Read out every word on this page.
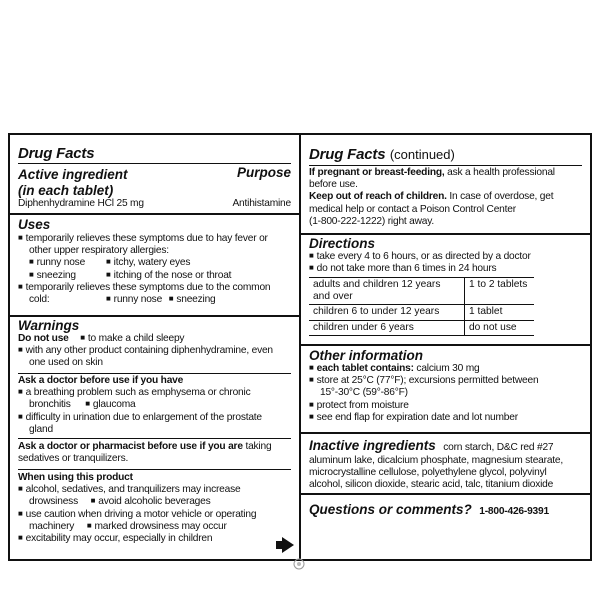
Drug Facts
Active ingredient	Purpose
(in each tablet)
Diphenhydramine HCl 25 mg	Antihistamine
Uses
■ temporarily relieves these symptoms due to hay fever or
other upper respiratory allergies:
■ runny nose ■	itchy, watery eyes
■ sneezing ■	itching of the nose or throat
■ temporarily relieves these symptoms due to the common
cold: ■	runny nose ■ sneezing
Warnings
Do not use ■ to make a child sleepy
■ with any other product containing diphenhydramine, even
one used on skin
Ask a doctor before use if you have
■ a breathing problem such as emphysema or chronic
bronchitis ■ glaucoma
■ difficulty in urination due to enlargement of the prostate
gland
Ask a doctor or pharmacist before use if you are taking
sedatives or tranquilizers.
When using this product
■ alcohol, sedatives, and tranquilizers may increase
drowsiness ■ avoid alcoholic beverages
■ use caution when driving a motor vehicle or operating
machinery ■ marked drowsiness may occur
■ excitability may occur, especially in children
Drug Facts (continued)
If pregnant or breast-feeding, ask a health professional
before use.
Keep out of reach of children. In case of overdose, get
medical help or contact a Poison Control Center
(1-800-222-1222) right away.
Directions
■ take every 4 to 6 hours, or as directed by a doctor
■ do not take more than 6 times in 24 hours
adults and children 12 years and over	1 to 2 tablets
children 6 to under 12 years	1 tablet
children under 6 years	do not use
Other information
■ each tablet contains: calcium 30 mg
■ store at 25°C (77°F); excursions permitted between
15°-30°C (59°-86°F)
■ protect from moisture
■ see end flap for expiration date and lot number
Inactive ingredients corn starch, D&C red #27
aluminum lake, dicalcium phosphate, magnesium stearate,
microcrystalline cellulose, polyethylene glycol, polyvinyl
alcohol, silicon dioxide, stearic acid, talc, titanium dioxide
Questions or comments? 1-800-426-9391
